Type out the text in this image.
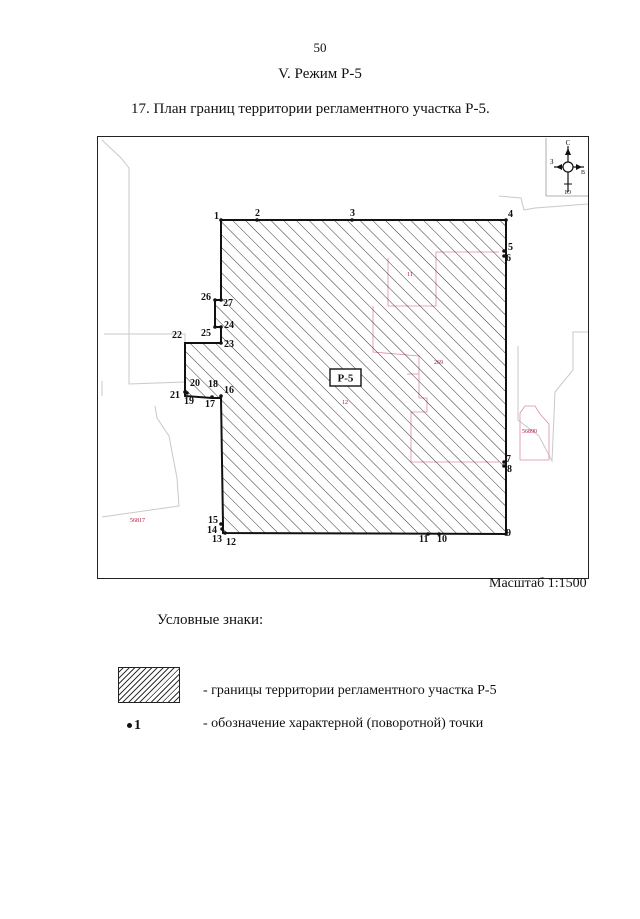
50
V. Режим Р-5
17. План границ территории регламентного участка Р-5.
Р-5
11
269
12
56890
56817
1	2	3	4
5
6
7
8
9
10
11
12
13
14
15
16
17
18
19
20
21
22
23
24
25
26
27
С
З
В
Ю
Масштаб 1:1500
Условные знаки:
- границы территории регламентного участка Р-5
1	- обозначение характерной (поворотной) точки
